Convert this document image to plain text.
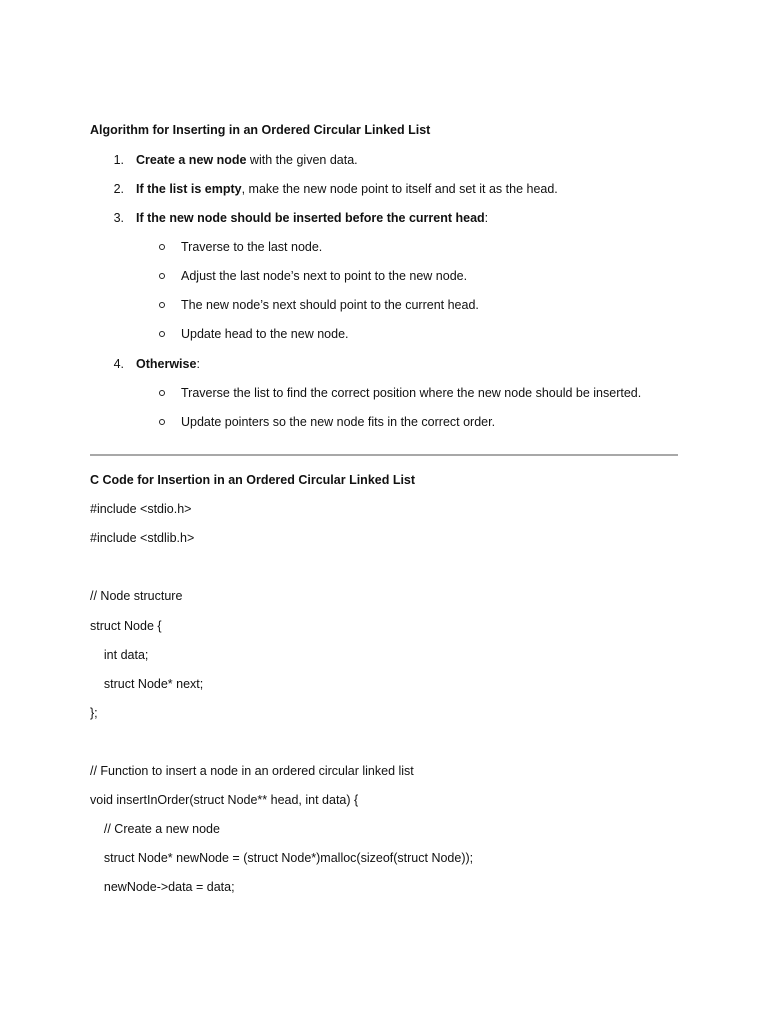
Algorithm for Inserting in an Ordered Circular Linked List
1. Create a new node with the given data.
2. If the list is empty, make the new node point to itself and set it as the head.
3. If the new node should be inserted before the current head:
Traverse to the last node.
Adjust the last node’s next to point to the new node.
The new node’s next should point to the current head.
Update head to the new node.
4. Otherwise:
Traverse the list to find the correct position where the new node should be inserted.
Update pointers so the new node fits in the correct order.
C Code for Insertion in an Ordered Circular Linked List
#include <stdio.h>
#include <stdlib.h>
// Node structure
struct Node {
int data;
struct Node* next;
};
// Function to insert a node in an ordered circular linked list
void insertInOrder(struct Node** head, int data) {
// Create a new node
struct Node* newNode = (struct Node*)malloc(sizeof(struct Node));
newNode->data = data;
